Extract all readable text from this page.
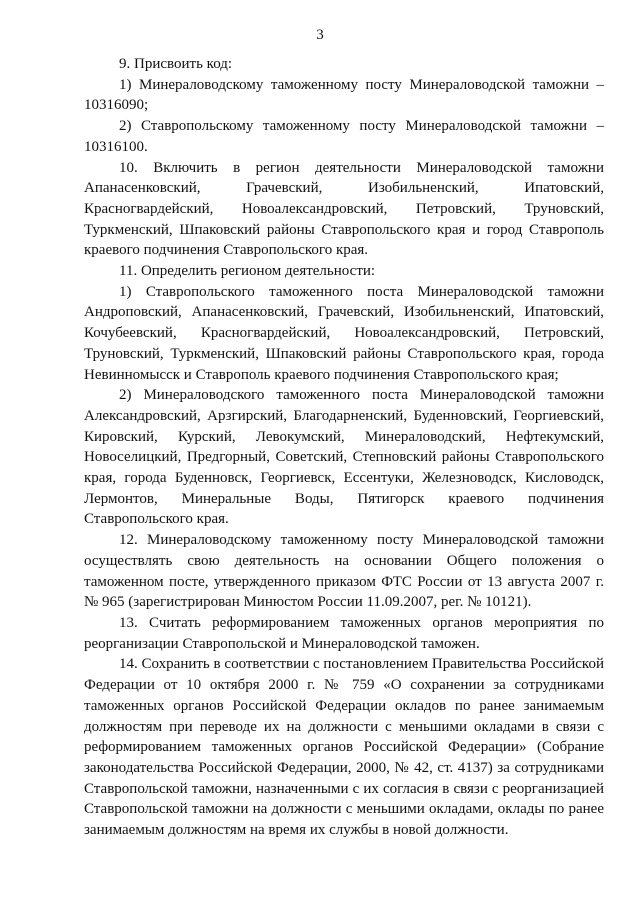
3

9. Присвоить код:

1) Минераловодскому таможенному посту Минераловодской таможни – 10316090;

2) Ставропольскому таможенному посту Минераловодской таможни – 10316100.

10. Включить в регион деятельности Минераловодской таможни Апанасенковский, Грачевский, Изобильненский, Ипатовский, Красногвардейский, Новоалександровский, Петровский, Труновский, Туркменский, Шпаковский районы Ставропольского края и город Ставрополь краевого подчинения Ставропольского края.

11. Определить регионом деятельности:

1) Ставропольского таможенного поста Минераловодской таможни Андроповский, Апанасенковский, Грачевский, Изобильненский, Ипатовский, Кочубеевский, Красногвардейский, Новоалександровский, Петровский, Труновский, Туркменский, Шпаковский районы Ставропольского края, города Невинномысск и Ставрополь краевого подчинения Ставропольского края;

2) Минераловодского таможенного поста Минераловодской таможни Александровский, Арзгирский, Благодарненский, Буденновский, Георгиевский, Кировский, Курский, Левокумский, Минераловодский, Нефтекумский, Новоселицкий, Предгорный, Советский, Степновский районы Ставропольского края, города Буденновск, Георгиевск, Ессентуки, Железноводск, Кисловодск, Лермонтов, Минеральные Воды, Пятигорск краевого подчинения Ставропольского края.

12. Минераловодскому таможенному посту Минераловодской таможни осуществлять свою деятельность на основании Общего положения о таможенном посте, утвержденного приказом ФТС России от 13 августа 2007 г. № 965 (зарегистрирован Минюстом России 11.09.2007, рег. № 10121).

13. Считать реформированием таможенных органов мероприятия по реорганизации Ставропольской и Минераловодской таможен.

14. Сохранить в соответствии с постановлением Правительства Российской Федерации от 10 октября 2000 г. № 759 «О сохранении за сотрудниками таможенных органов Российской Федерации окладов по ранее занимаемым должностям при переводе их на должности с меньшими окладами в связи с реформированием таможенных органов Российской Федерации» (Собрание законодательства Российской Федерации, 2000, № 42, ст. 4137) за сотрудниками Ставропольской таможни, назначенными с их согласия в связи с реорганизацией Ставропольской таможни на должности с меньшими окладами, оклады по ранее занимаемым должностям на время их службы в новой должности.
